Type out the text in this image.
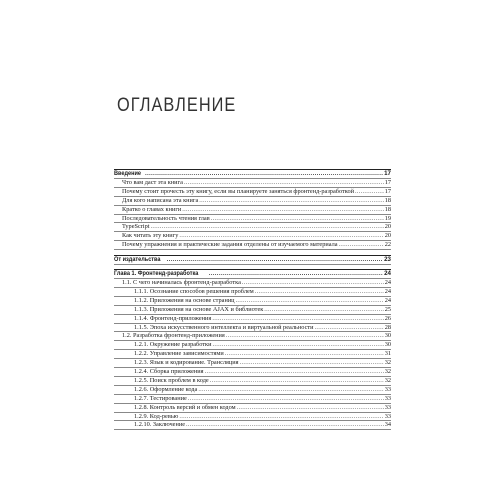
ОГЛАВЛЕНИЕ
Введение .....	17
Что вам даст эта книга .....	17
Почему стоит прочесть эту книгу, если вы планируете заняться фронтенд-разработкой .....	17
Для кого написана эта книга .....	18
Кратко о главах книги .....	18
Последовательность чтения глав .....	19
TypeScript .....	20
Как читать эту книгу .....	20
Почему упражнения и практические задания отделены от изучаемого материала .....	22
От издательства .....	23
Глава 1. Фронтенд-разработка .....	24
1.1. С чего начиналась фронтенд-разработка .....	24
1.1.1. Осознание способов решения проблем .....	24
1.1.2. Приложения на основе страниц .....	24
1.1.3. Приложения на основе AJAX и библиотек .....	25
1.1.4. Фронтенд-приложения .....	26
1.1.5. Эпоха искусственного интеллекта и виртуальной реальности .....	28
1.2. Разработка фронтенд-приложения .....	30
1.2.1. Окружение разработки .....	30
1.2.2. Управление зависимостями .....	31
1.2.3. Язык и кодирование. Трансляция .....	32
1.2.4. Сборка приложения .....	32
1.2.5. Поиск проблем в коде .....	32
1.2.6. Оформление кода .....	33
1.2.7. Тестирование .....	33
1.2.8. Контроль версий и обмен кодом .....	33
1.2.9. Код-ревью .....	33
1.2.10. Заключение .....	34
